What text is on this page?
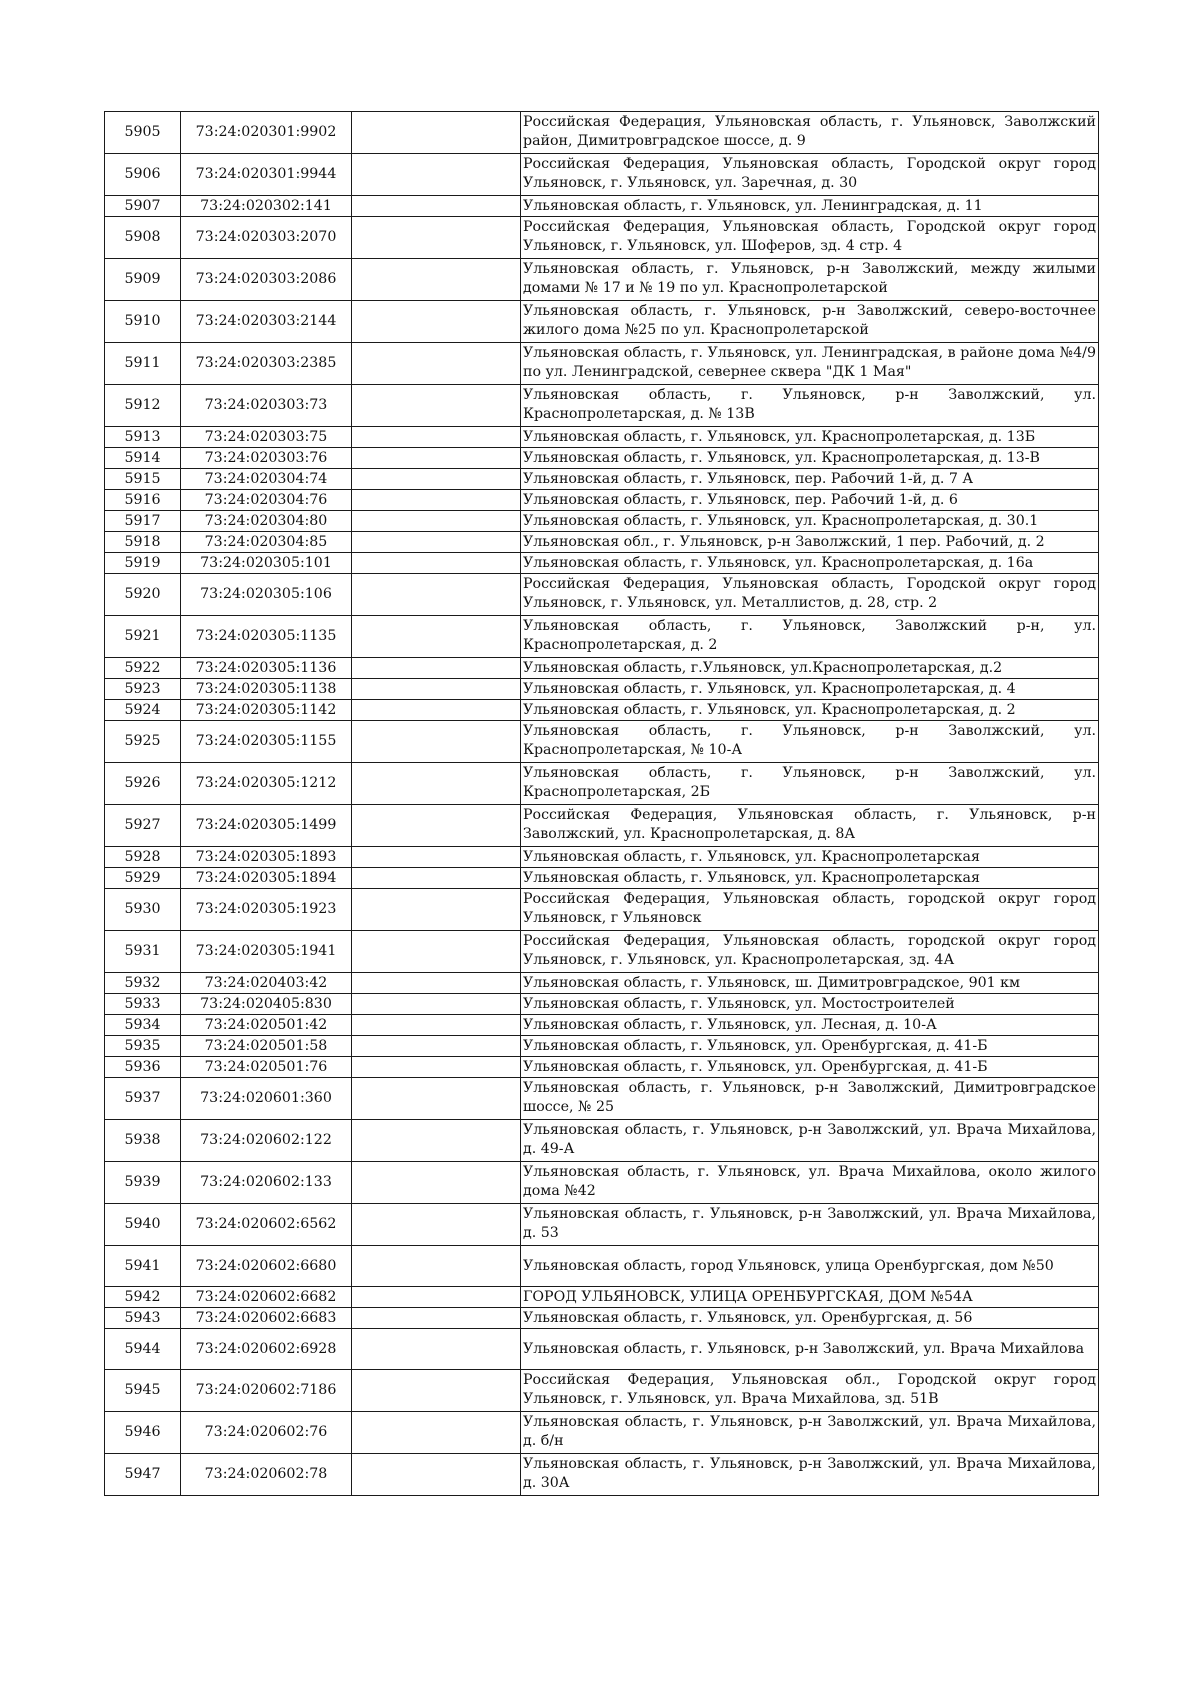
5905	73:24:020301:9902		Российская Федерация, Ульяновская область, г. Ульяновск, Заволжский район, Димитровградское шоссе, д. 9
5906	73:24:020301:9944		Российская Федерация, Ульяновская область, Городской округ город Ульяновск, г. Ульяновск, ул. Заречная, д. 30
5907	73:24:020302:141		Ульяновская область, г. Ульяновск, ул. Ленинградская, д. 11
5908	73:24:020303:2070		Российская Федерация, Ульяновская область, Городской округ город Ульяновск, г. Ульяновск, ул. Шоферов, зд. 4 стр. 4
5909	73:24:020303:2086		Ульяновская область, г. Ульяновск, р-н Заволжский, между жилыми домами № 17 и № 19 по ул. Краснопролетарской
5910	73:24:020303:2144		Ульяновская область, г. Ульяновск, р-н Заволжский, северо-восточнее жилого дома №25 по ул. Краснопролетарской
5911	73:24:020303:2385		Ульяновская область, г. Ульяновск, ул. Ленинградская, в районе дома №4/9 по ул. Ленинградской, севернее сквера "ДК 1 Мая"
5912	73:24:020303:73		Ульяновская область, г. Ульяновск, р-н Заволжский, ул. Краснопролетарская, д. № 13В
5913	73:24:020303:75		Ульяновская область, г. Ульяновск, ул. Краснопролетарская, д. 13Б
5914	73:24:020303:76		Ульяновская область, г. Ульяновск, ул. Краснопролетарская, д. 13-В
5915	73:24:020304:74		Ульяновская область, г. Ульяновск, пер. Рабочий 1-й, д. 7 А
5916	73:24:020304:76		Ульяновская область, г. Ульяновск, пер. Рабочий 1-й, д. 6
5917	73:24:020304:80		Ульяновская область, г. Ульяновск, ул. Краснопролетарская, д. 30.1
5918	73:24:020304:85		Ульяновская обл., г. Ульяновск, р-н Заволжский, 1 пер. Рабочий, д. 2
5919	73:24:020305:101		Ульяновская область, г. Ульяновск, ул. Краснопролетарская, д. 16а
5920	73:24:020305:106		Российская Федерация, Ульяновская область, Городской округ город Ульяновск, г. Ульяновск, ул. Металлистов, д. 28, стр. 2
5921	73:24:020305:1135		Ульяновская область, г. Ульяновск, Заволжский р-н, ул. Краснопролетарская, д. 2
5922	73:24:020305:1136		Ульяновская область, г.Ульяновск, ул.Краснопролетарская, д.2
5923	73:24:020305:1138		Ульяновская область, г. Ульяновск, ул. Краснопролетарская, д. 4
5924	73:24:020305:1142		Ульяновская область, г. Ульяновск, ул. Краснопролетарская, д. 2
5925	73:24:020305:1155		Ульяновская область, г. Ульяновск, р-н Заволжский, ул. Краснопролетарская, № 10-А
5926	73:24:020305:1212		Ульяновская область, г. Ульяновск, р-н Заволжский, ул. Краснопролетарская, 2Б
5927	73:24:020305:1499		Российская Федерация, Ульяновская область, г. Ульяновск, р-н Заволжский, ул. Краснопролетарская, д. 8А
5928	73:24:020305:1893		Ульяновская область, г. Ульяновск, ул. Краснопролетарская
5929	73:24:020305:1894		Ульяновская область, г. Ульяновск, ул. Краснопролетарская
5930	73:24:020305:1923		Российская Федерация, Ульяновская область, городской округ город Ульяновск, г Ульяновск
5931	73:24:020305:1941		Российская Федерация, Ульяновская область, городской округ город Ульяновск, г. Ульяновск, ул. Краснопролетарская, зд. 4А
5932	73:24:020403:42		Ульяновская область, г. Ульяновск, ш. Димитровградское, 901 км
5933	73:24:020405:830		Ульяновская область, г. Ульяновск, ул. Мостостроителей
5934	73:24:020501:42		Ульяновская область, г. Ульяновск, ул. Лесная, д. 10-А
5935	73:24:020501:58		Ульяновская область, г. Ульяновск, ул. Оренбургская, д. 41-Б
5936	73:24:020501:76		Ульяновская область, г. Ульяновск, ул. Оренбургская, д. 41-Б
5937	73:24:020601:360		Ульяновская область, г. Ульяновск, р-н Заволжский, Димитровградское шоссе, № 25
5938	73:24:020602:122		Ульяновская область, г. Ульяновск, р-н Заволжский, ул. Врача Михайлова, д. 49-А
5939	73:24:020602:133		Ульяновская область, г. Ульяновск, ул. Врача Михайлова, около жилого дома №42
5940	73:24:020602:6562		Ульяновская область, г. Ульяновск, р-н Заволжский, ул. Врача Михайлова, д. 53
5941	73:24:020602:6680		Ульяновская область, город Ульяновск, улица Оренбургская, дом №50
5942	73:24:020602:6682		ГОРОД УЛЬЯНОВСК, УЛИЦА ОРЕНБУРГСКАЯ, ДОМ №54А
5943	73:24:020602:6683		Ульяновская область, г. Ульяновск, ул. Оренбургская, д. 56
5944	73:24:020602:6928		Ульяновская область, г. Ульяновск, р-н Заволжский, ул. Врача Михайлова
5945	73:24:020602:7186		Российская Федерация, Ульяновская обл., Городской округ город Ульяновск, г. Ульяновск, ул. Врача Михайлова, зд. 51В
5946	73:24:020602:76		Ульяновская область, г. Ульяновск, р-н Заволжский, ул. Врача Михайлова, д. б/н
5947	73:24:020602:78		Ульяновская область, г. Ульяновск, р-н Заволжский, ул. Врача Михайлова, д. 30А
